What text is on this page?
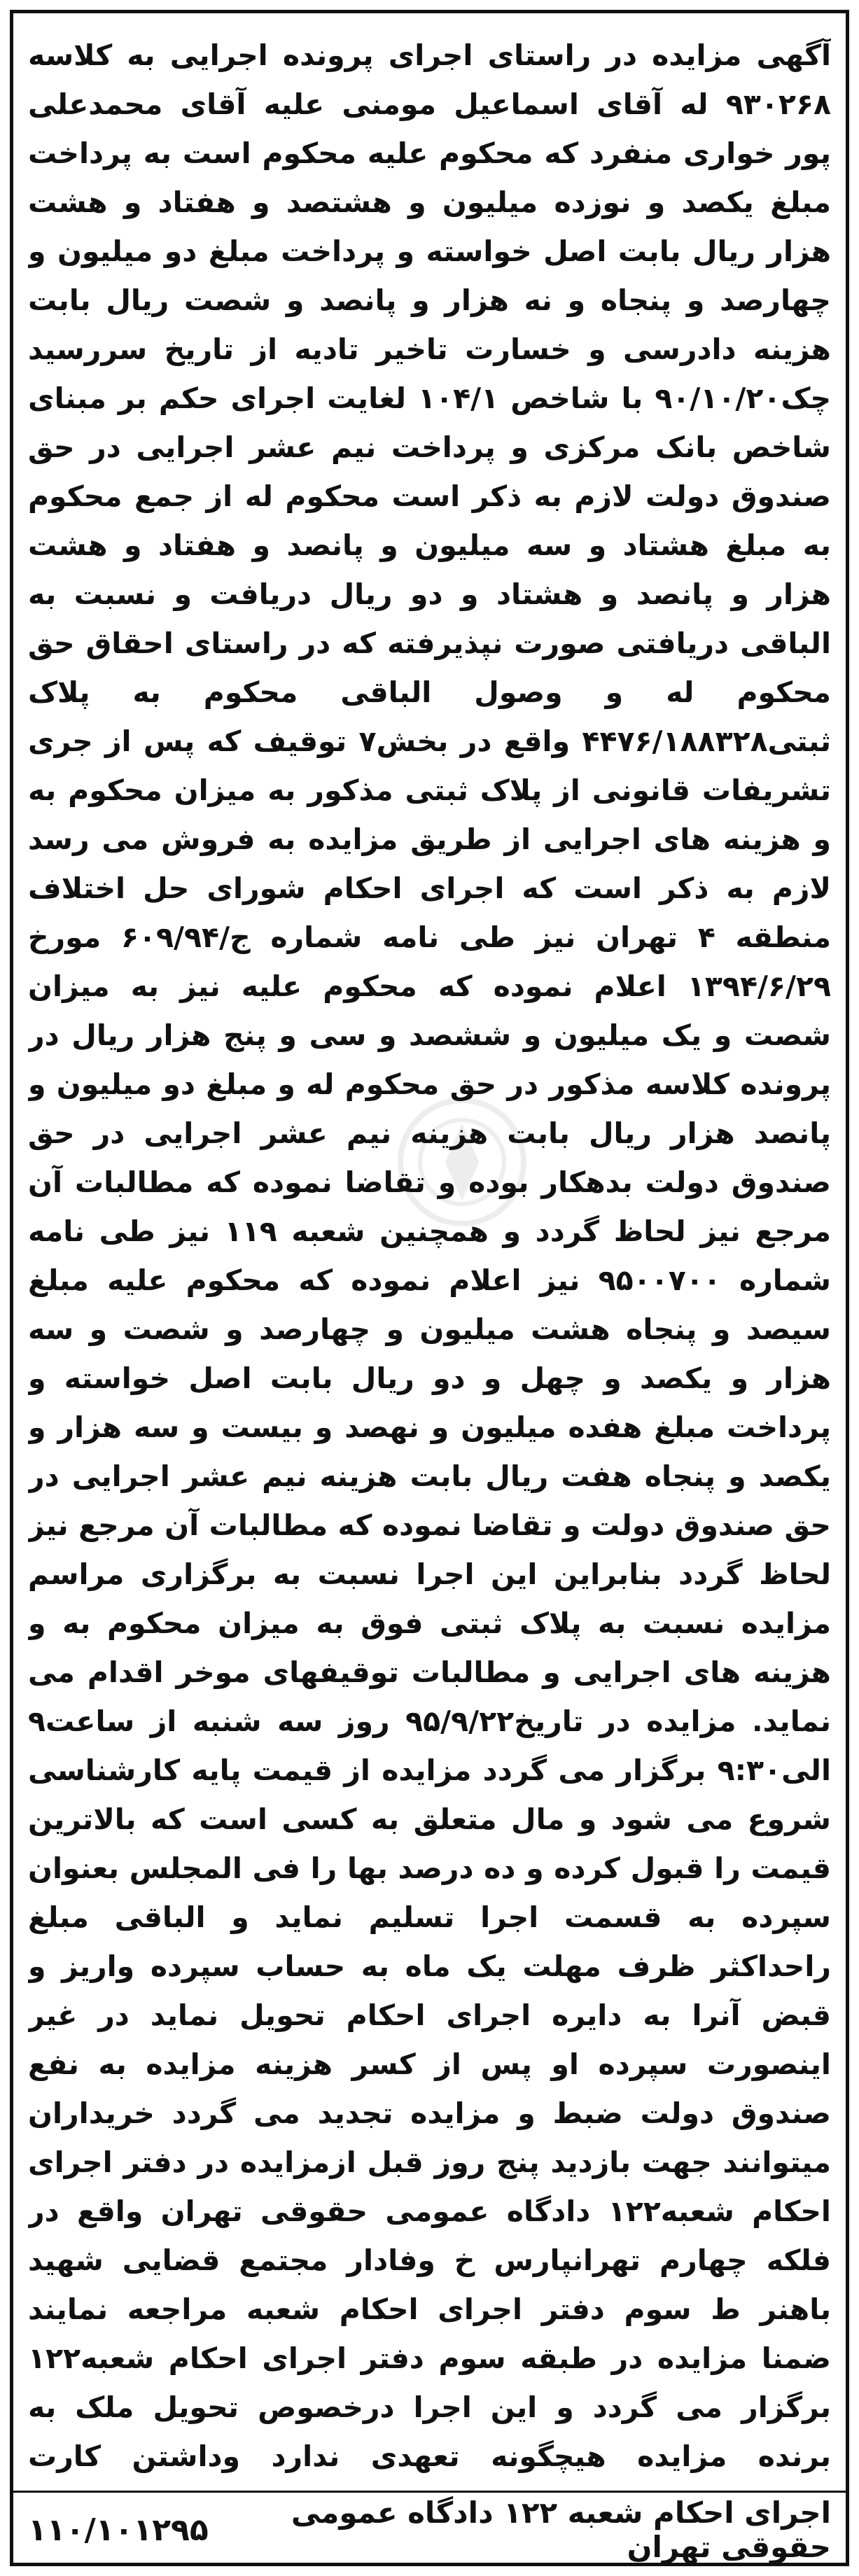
آگهی مزایده در راستای اجرای پرونده اجرایی به کلاسه ۹۳۰۲۶۸ له آقای اسماعیل مومنی علیه آقای محمدعلی پور خواری منفرد که محکوم علیه محکوم است به پرداخت مبلغ یکصد و نوزده میلیون و هشتصد و هفتاد و هشت هزار ریال بابت اصل خواسته و پرداخت مبلغ دو میلیون و چهارصد و پنجاه و نه هزار و پانصد و شصت ریال بابت هزینه دادرسی و خسارت تاخیر تادیه از تاریخ سررسید چک۹۰/۱۰/۲۰ با شاخص ۱۰۴/۱ لغایت اجرای حکم بر مبنای شاخص بانک مرکزی و پرداخت نیم عشر اجرایی در حق صندوق دولت لازم به ذکر است محکوم له از جمع محکوم به مبلغ هشتاد و سه میلیون و پانصد و هفتاد و هشت هزار و پانصد و هشتاد و دو ریال دریافت و نسبت به الباقی دریافتی صورت نپذیرفته که در راستای احقاق حق محکوم له و وصول الباقی محکوم به پلاک ثبتی۴۴۷۶/۱۸۸۳۲۸ واقع در بخش۷ توقیف که پس از جری تشریفات قانونی از پلاک ثبتی مذکور به میزان محکوم به و هزینه های اجرایی از طریق مزایده به فروش می رسد لازم به ذکر است که اجرای احکام شورای حل اختلاف منطقه ۴ تهران نیز طی نامه شماره ج/۶۰۹/۹۴ مورخ ۱۳۹۴/۶/۲۹ اعلام نموده که محکوم علیه نیز به میزان شصت و یک میلیون و ششصد و سی و پنج هزار ریال در پرونده کلاسه مذکور در حق محکوم له و مبلغ دو میلیون و پانصد هزار ریال بابت هزینه نیم عشر اجرایی در حق صندوق دولت بدهکار بوده و تقاضا نموده که مطالبات آن مرجع نیز لحاظ گردد و همچنین شعبه ۱۱۹ نیز طی نامه شماره ۹۵۰۰۷۰۰ نیز اعلام نموده که محکوم علیه مبلغ سیصد و پنجاه هشت میلیون و چهارصد و شصت و سه هزار و یکصد و چهل و دو ریال بابت اصل خواسته و پرداخت مبلغ هفده میلیون و نهصد و بیست و سه هزار و یکصد و پنجاه هفت ریال بابت هزینه نیم عشر اجرایی در حق صندوق دولت و تقاضا نموده که مطالبات آن مرجع نیز لحاظ گردد بنابراین این اجرا نسبت به برگزاری مراسم مزایده نسبت به پلاک ثبتی فوق به میزان محکوم به و هزینه های اجرایی و مطالبات توقیفهای موخر اقدام می نماید. مزایده در تاریخ۹۵/۹/۲۲ روز سه شنبه از ساعت۹ الی۹:۳۰ برگزار می گردد مزایده از قیمت پایه کارشناسی شروع می شود و مال متعلق به کسی است که بالاترین قیمت را قبول کرده و ده درصد بها را فی المجلس بعنوان سپرده به قسمت اجرا تسلیم نماید و الباقی مبلغ راحداکثر ظرف مهلت یک ماه به حساب سپرده واریز و قبض آنرا به دایره اجرای احکام تحویل نماید در غیر اینصورت سپرده او پس از کسر هزینه مزایده به نفع صندوق دولت ضبط و مزایده تجدید می گردد خریداران میتوانند جهت بازدید پنج روز قبل ازمزایده در دفتر اجرای احکام شعبه۱۲۲ دادگاه عمومی حقوقی تهران واقع در فلکه چهارم تهرانپارس خ وفادار مجتمع قضایی شهید باهنر ط سوم دفتر اجرای احکام شعبه مراجعه نمایند ضمنا مزایده در طبقه سوم دفتر اجرای احکام شعبه۱۲۲ برگزار می گردد و این اجرا درخصوص تحویل ملک به برنده مزایده هیچگونه تعهدی ندارد وداشتن کارت

اجرای احکام شعبه ۱۲۲ دادگاه عمومی حقوقی تهران
۱۱۰/۱۰۱۲۹۵
